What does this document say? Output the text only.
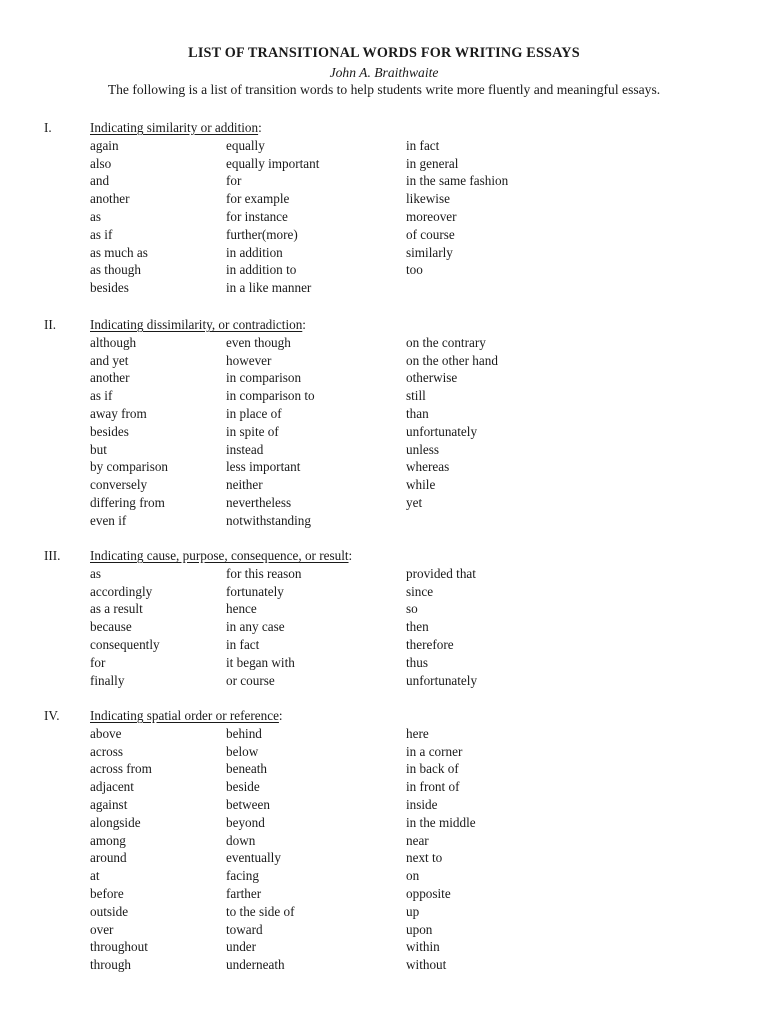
LIST OF TRANSITIONAL WORDS FOR WRITING ESSAYS
John A. Braithwaite
The following is a list of transition words to help students write more fluently and meaningful essays.
I.	Indicating similarity or addition:
again	equally	in fact
also	equally important	in general
and	for	in the same fashion
another	for example	likewise
as	for instance	moreover
as if	further(more)	of course
as much as	in addition	similarly
as though	in addition to	too
besides	in a like manner
II.	Indicating dissimilarity, or contradiction:
although	even though	on the contrary
and yet	however	on the other hand
another	in comparison	otherwise
as if	in comparison to	still
away from	in place of	than
besides	in spite of	unfortunately
but	instead	unless
by comparison	less important	whereas
conversely	neither	while
differing from	nevertheless	yet
even if	notwithstanding
III. Indicating cause, purpose, consequence, or result:
as	for this reason	provided that
accordingly	fortunately	since
as a result	hence	so
because	in any case	then
consequently	in fact	therefore
for	it began with	thus
finally	or course	unfortunately
IV. Indicating spatial order or reference:
above	behind	here
across	below	in a corner
across from	beneath	in back of
adjacent	beside	in front of
against	between	inside
alongside	beyond	in the middle
among	down	near
around	eventually	next to
at	facing	on
before	farther	opposite
outside	to the side of	up
over	toward	upon
throughout	under	within
through	underneath	without
